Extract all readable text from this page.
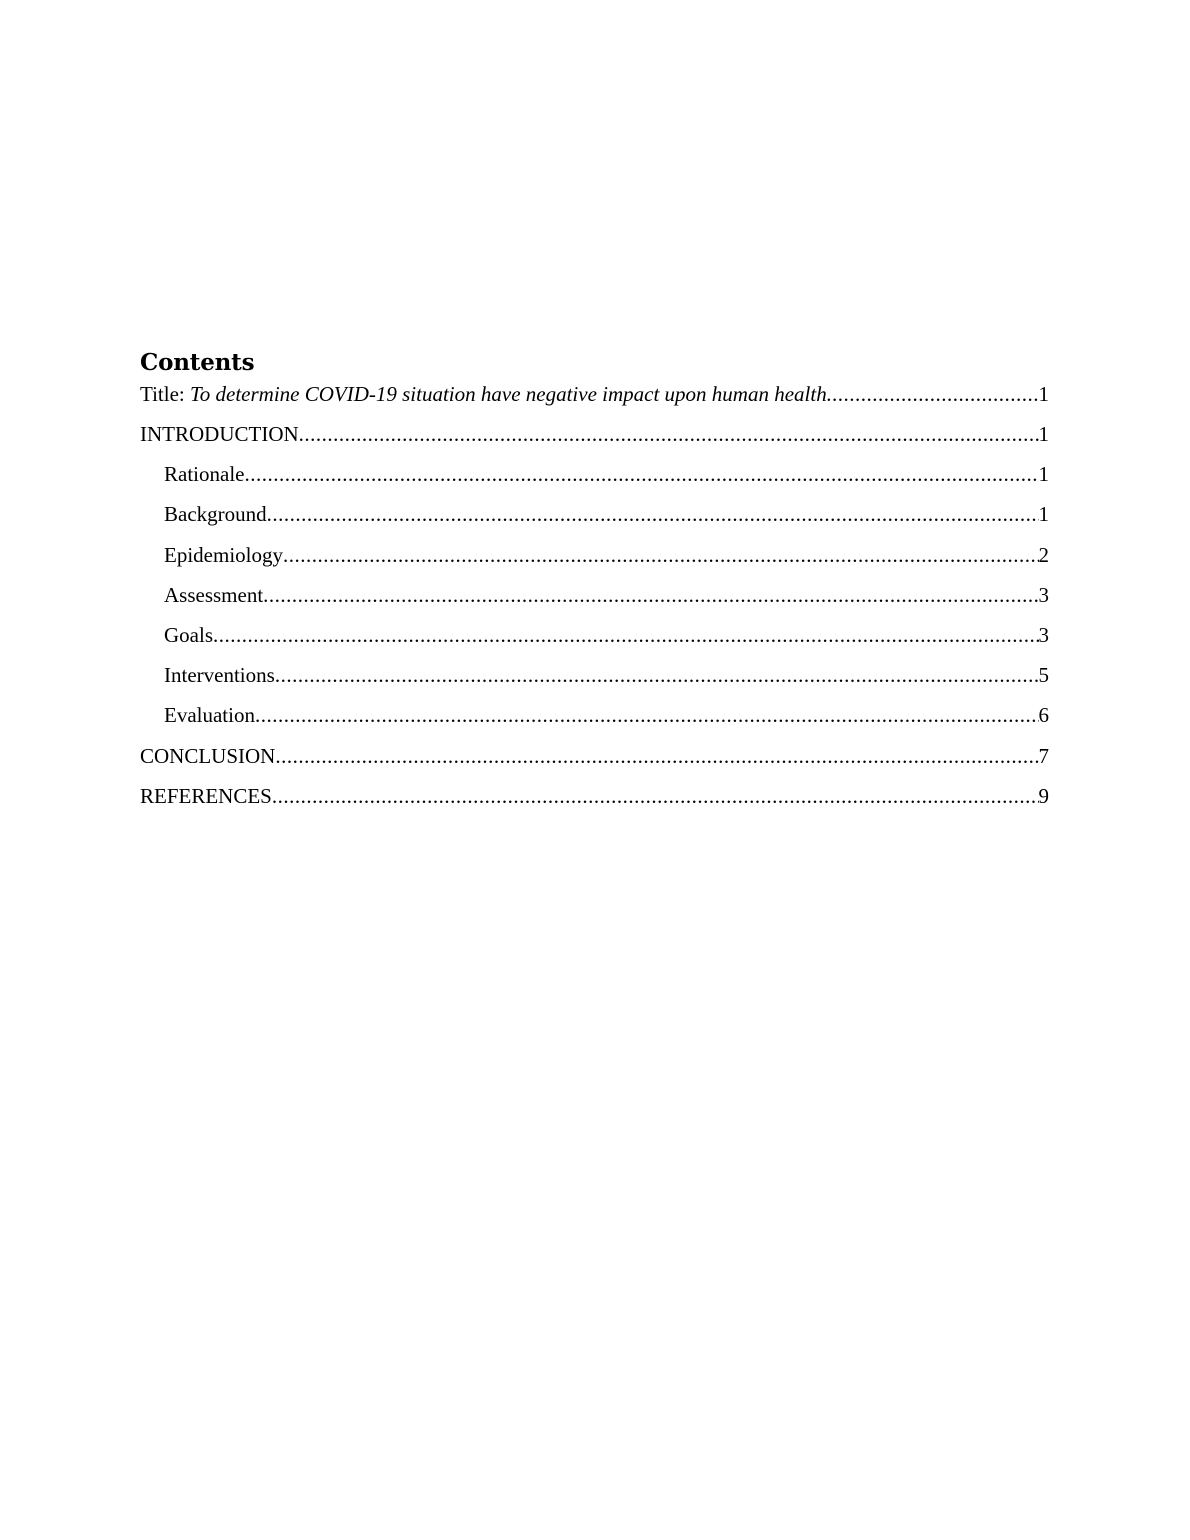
Contents
Title: To determine COVID-19 situation have negative impact upon human health. .....	1
INTRODUCTION .....	1
Rationale .....	1
Background .....	1
Epidemiology .....	2
Assessment .....	3
Goals .....	3
Interventions .....	5
Evaluation .....	6
CONCLUSION .....	7
REFERENCES .....	9
